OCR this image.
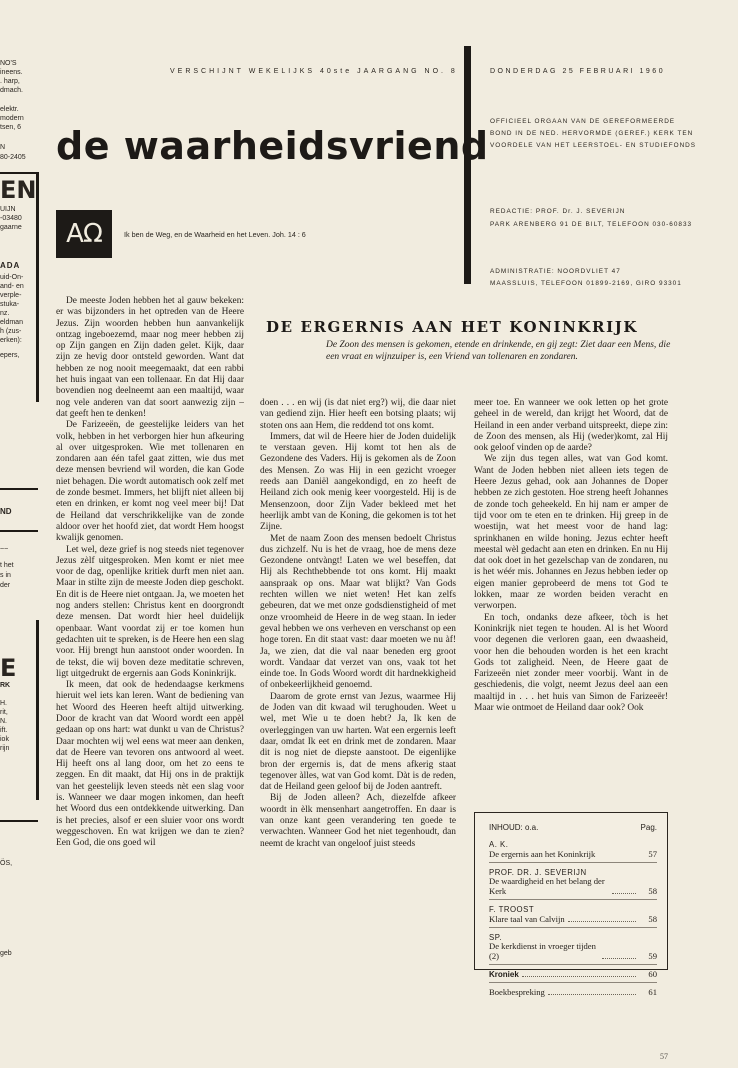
NO'S
ineens.
. harp,
dmach.
elektr.
modern
tsen, 6
N
80-2405
EN
UIJN
-03480
gaarne
ADA
uid-On-
and- en
verple-
stuka-
nz.
eldman
h (zus-
erken):
epers,
ND
~~
t het
s in
der
E
RK
H.
rit,
N.
ift.
iok
rijn
ÖS,
geb
VERSCHIJNT WEKELIJKS 40ste JAARGANG NO. 8	DONDERDAG 25 FEBRUARI 1960
de waarheidsvriend
OFFICIEEL ORGAAN VAN DE GEREFORMEERDE
BOND IN DE NED. HERVORMDE (GEREF.) KERK TEN
VOORDELE VAN HET LEERSTOEL- EN STUDIEFONDS
REDACTIE: PROF. Dr. J. SEVERIJN
PARK ARENBERG 91 DE BILT, TELEFOON 030-60833
ADMINISTRATIE: NOORDVLIET 47
MAASSLUIS, TELEFOON 01899-2169, GIRO 93301
AΩ	Ik ben de Weg, en de Waarheid en het Leven. Joh. 14 : 6

De meeste Joden hebben het al gauw bekeken: er was bijzonders in het optreden van de Heere Jezus. Zijn woorden hebben hun aanvankelijk ontzag ingeboezemd, maar nog meer hebben zij op Zijn gangen en Zijn daden gelet. Kijk, daar zijn ze hevig door ontsteld geworden. Want dat hebben ze nog nooit meegemaakt, dat een rabbi het huis ingaat van een tollenaar. En dat Hij daar bovendien nog deelneemt aan een maaltijd, waar nog vele anderen van dat soort aanwezig zijn – dat geeft hen te denken!

De Farizeeën, de geestelijke leiders van het volk, hebben in het verborgen hier hun afkeuring al over uitgesproken. Wie met tollenaren en zondaren aan één tafel gaat zitten, wie dus met deze mensen bevriend wil worden, die kan Gode niet behagen. Die wordt automatisch ook zelf met de zonde besmet. Immers, het blijft niet alleen bij eten en drinken, er komt nog veel meer bij! Dat de Heiland dat verschrikkelijke van de zonde aldoor over het hoofd ziet, dat wordt Hem hoogst kwalijk genomen.

Let wel, deze grief is nog steeds niet tegenover Jezus zèlf uitgesproken. Men komt er niet mee voor de dag, openlijke kritiek durft men niet aan. Maar in stilte zijn de meeste Joden diep geschokt. En dit is de Heere niet ontgaan. Ja, we moeten het nog anders stellen: Christus kent en doorgrondt deze mensen. Dat wordt hier heel duidelijk openbaar. Want voordat zij er toe komen hun gedachten uit te spreken, is de Heere hen een slag voor. Hij brengt hun aanstoot onder woorden. In de tekst, die wij boven deze meditatie schreven, ligt uitgedrukt de ergernis aan Gods Koninkrijk.

Ik meen, dat ook de hedendaagse kerkmens hieruit wel iets kan leren. Want de bediening van het Woord des Heeren heeft altijd uitwerking. Door de kracht van dat Woord wordt een appèl gedaan op ons hart: wat dunkt u van de Christus? Daar mochten wij wel eens wat meer aan denken, dat de Heere van tevoren ons antwoord al weet. Hij heeft ons al lang door, om het zo eens te zeggen. En dit maakt, dat Hij ons in de praktijk van het geestelijk leven steeds nèt een slag voor is. Wanneer we daar mogen inkomen, dan heeft het Woord dus een ontdekkende uitwerking. Dan is het precies, alsof er een sluier voor ons wordt weggeschoven. En wat krijgen we dan te zien? Een God, die ons goed wil

DE ERGERNIS AAN HET KONINKRIJK
De Zoon des mensen is gekomen, etende en drinkende, en gij zegt: Ziet daar een Mens, die een vraat en wijnzuiper is, een Vriend van tollenaren en zondaren.

doen . . . en wij (is dat niet erg?) wij, die daar niet van gediend zijn. Hier heeft een botsing plaats; wij stoten ons aan Hem, die reddend tot ons komt.

Immers, dat wil de Heere hier de Joden duidelijk te verstaan geven. Hij komt tot hen als de Gezondene des Vaders. Hij is gekomen als de Zoon des Mensen. Zo was Hij in een gezicht vroeger reeds aan Daniël aangekondigd, en zo heeft de Heiland zich ook menig keer voorgesteld. Hij is de Mensenzoon, door Zijn Vader bekleed met het heerlijk ambt van de Koning, die gekomen is tot het Zijne.

Met de naam Zoon des mensen bedoelt Christus dus zichzelf. Nu is het de vraag, hoe de mens deze Gezondene ontvàngt! Laten we wel beseffen, dat Hij als Rechthebbende tot ons komt. Hij maakt aanspraak op ons. Maar wat blijkt? Van Gods rechten willen we niet weten! Het kan zelfs gebeuren, dat we met onze godsdienstigheid of met onze vroomheid de Heere in de weg staan. In ieder geval hebben we ons verheven en verschanst op een hoge toren. En dit staat vast: daar moeten we nu àf! Ja, we zien, dat die val naar beneden erg groot wordt. Vandaar dat verzet van ons, vaak tot het einde toe. In Gods Woord wordt dit hardnekkigheid of onbekeerlijkheid genoemd.

Daarom de grote ernst van Jezus, waarmee Hij de Joden van dit kwaad wil terughouden. Weet u wel, met Wie u te doen hebt? Ja, Ik ken de overleggingen van uw harten. Wat een ergernis leeft daar, omdat Ik eet en drink met de zondaren. Maar dit is nog niet de diepste aanstoot. De eigenlijke bron der ergernis is, dat de mens afkerig staat tegenover àlles, wat van God komt. Dàt is de reden, dat de Heiland geen geloof bij de Joden aantreft.

Bij de Joden alleen? Ach, diezelfde afkeer woordt in èlk mensenhart aangetroffen. En daar is van onze kant geen verandering ten goede te verwachten. Wanneer God het niet tegenhoudt, dan neemt de kracht van ongeloof juist steeds

meer toe. En wanneer we ook letten op het grote geheel in de wereld, dan krijgt het Woord, dat de Heiland in een ander verband uitspreekt, diepe zin: de Zoon des mensen, als Hij (weder)komt, zal Hij ook geloof vinden op de aarde?

We zijn dus tegen alles, wat van God komt. Want de Joden hebben niet alleen iets tegen de Heere Jezus gehad, ook aan Johannes de Doper hebben ze zich gestoten. Hoe streng heeft Johannes de zonde toch geheekeld. En hij nam er amper de tijd voor om te eten en te drinken. Hij greep in de woestijn, wat het meest voor de hand lag: sprinkhanen en wilde honing. Jezus echter heeft meestal wèl gedacht aan eten en drinken. En nu Hij dat ook doet in het gezelschap van de zondaren, nu is het wéér mis. Johannes en Jezus hebben ieder op eigen manier geprobeerd de mens tot God te lokken, maar ze worden beiden veracht en verworpen.

En toch, ondanks deze afkeer, tòch is het Koninkrijk niet tegen te houden. Al is het Woord voor degenen die verloren gaan, een dwaasheid, voor hen die behouden worden is het een kracht Gods tot zaligheid. Neen, de Heere gaat de Farizeeën niet zonder meer voorbij. Want in de geschiedenis, die volgt, neemt Jezus deel aan een maaltijd in . . . het huis van Simon de Farizeeër! Maar wie ontmoet de Heiland daar ook? Ook

INHOUD: o.a.	Pag.
A. K.
De ergernis aan het Koninkrijk	57
PROF. DR. J. SEVERIJN
De waardigheid en het belang der Kerk	58
F. TROOST
Klare taal van Calvijn	58
SP.
De kerkdienst in vroeger tijden (2)	59
Kroniek	60
Boekbespreking	61
57
